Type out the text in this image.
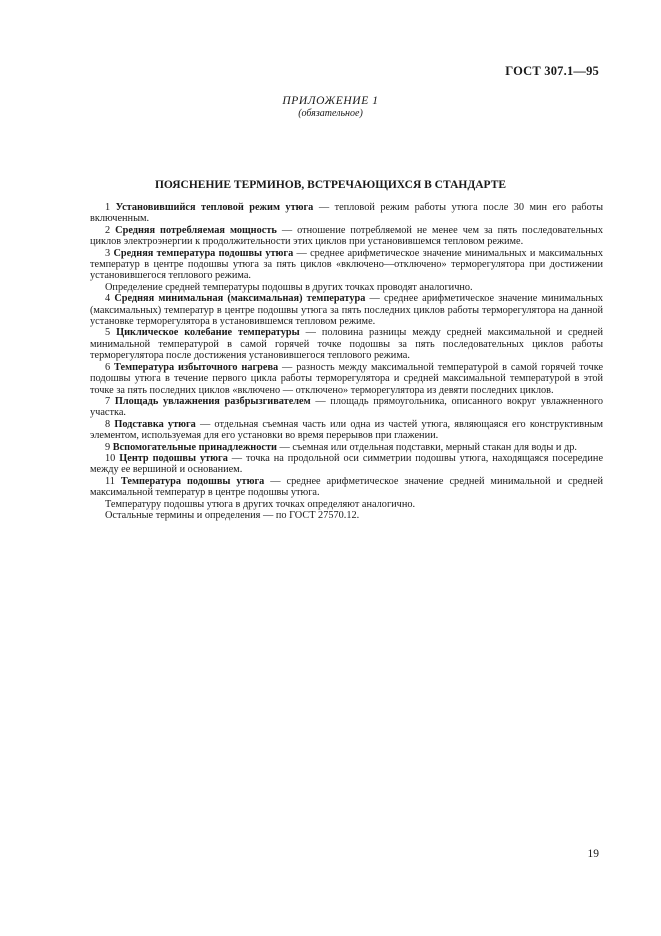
ГОСТ 307.1—95
ПРИЛОЖЕНИЕ 1
(обязательное)
ПОЯСНЕНИЕ ТЕРМИНОВ, ВСТРЕЧАЮЩИХСЯ В СТАНДАРТЕ

1 Установившийся тепловой режим утюга — тепловой режим работы утюга после 30 мин его работы включенным.

2 Средняя потребляемая мощность — отношение потребляемой не менее чем за пять последовательных циклов электроэнергии к продолжительности этих циклов при установившемся тепловом режиме.

3 Средняя температура подошвы утюга — среднее арифметическое значение минимальных и максимальных температур в центре подошвы утюга за пять циклов «включено—отключено» терморегулятора при достижении установившегося теплового режима.

Определение средней температуры подошвы в других точках проводят аналогично.

4 Средняя минимальная (максимальная) температура — среднее арифметическое значение минимальных (максимальных) температур в центре подошвы утюга за пять последних циклов работы терморегулятора на данной установке терморегулятора в установившемся тепловом режиме.

5 Циклическое колебание температуры — половина разницы между средней максимальной и средней минимальной температурой в самой горячей точке подошвы за пять последовательных циклов работы терморегулятора после достижения установившегося теплового режима.

6 Температура избыточного нагрева — разность между максимальной температурой в самой горячей точке подошвы утюга в течение первого цикла работы терморегулятора и средней максимальной температурой в этой точке за пять последних циклов «включено — отключено» терморегулятора из девяти последних циклов.

7 Площадь увлажнения разбрызгивателем — площадь прямоугольника, описанного вокруг увлажненного участка.

8 Подставка утюга — отдельная съемная часть или одна из частей утюга, являющаяся его конструктивным элементом, используемая для его установки во время перерывов при глажении.

9 Вспомогательные принадлежности — съемная или отдельная подставки, мерный стакан для воды и др.

10 Центр подошвы утюга — точка на продольной оси симметрии подошвы утюга, находящаяся посередине между ее вершиной и основанием.

11 Температура подошвы утюга — среднее арифметическое значение средней минимальной и средней максимальной температур в центре подошвы утюга.

Температуру подошвы утюга в других точках определяют аналогично.

Остальные термины и определения — по ГОСТ 27570.12.

19
